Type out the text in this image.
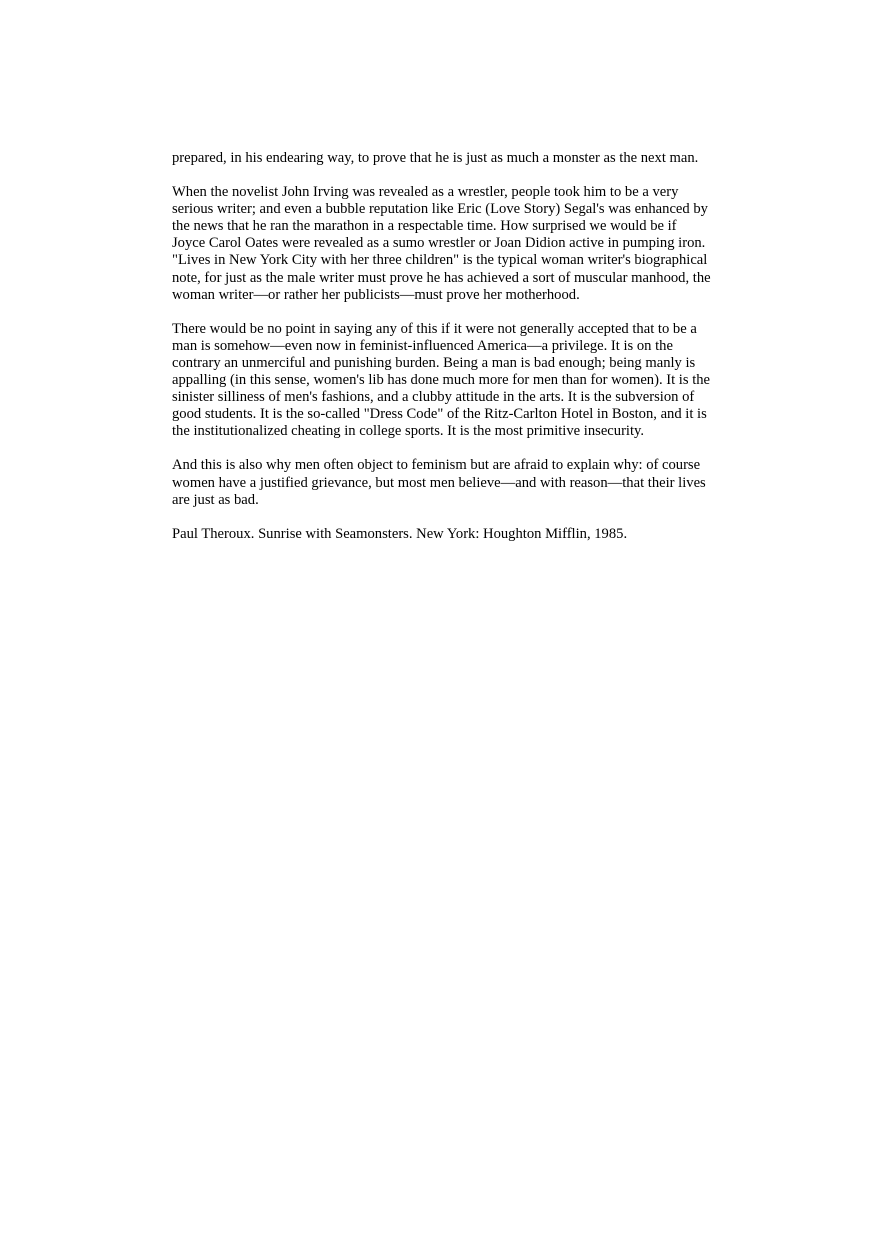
prepared, in his endearing way, to prove that he is just as much a monster as the next man.

When the novelist John Irving was revealed as a wrestler, people took him to be a very serious writer; and even a bubble reputation like Eric (Love Story) Segal's was enhanced by the news that he ran the marathon in a respectable time. How surprised we would be if Joyce Carol Oates were revealed as a sumo wrestler or Joan Didion active in pumping iron. "Lives in New York City with her three children" is the typical woman writer's biographical note, for just as the male writer must prove he has achieved a sort of muscular manhood, the woman writer—or rather her publicists—must prove her motherhood.

There would be no point in saying any of this if it were not generally accepted that to be a man is somehow—even now in feminist-influenced America—a privilege. It is on the contrary an unmerciful and punishing burden. Being a man is bad enough; being manly is appalling (in this sense, women's lib has done much more for men than for women). It is the sinister silliness of men's fashions, and a clubby attitude in the arts. It is the subversion of good students. It is the so-called "Dress Code" of the Ritz-Carlton Hotel in Boston, and it is the institutionalized cheating in college sports. It is the most primitive insecurity.

And this is also why men often object to feminism but are afraid to explain why: of course women have a justified grievance, but most men believe—and with reason—that their lives are just as bad.

Paul Theroux. Sunrise with Seamonsters. New York: Houghton Mifflin, 1985.
